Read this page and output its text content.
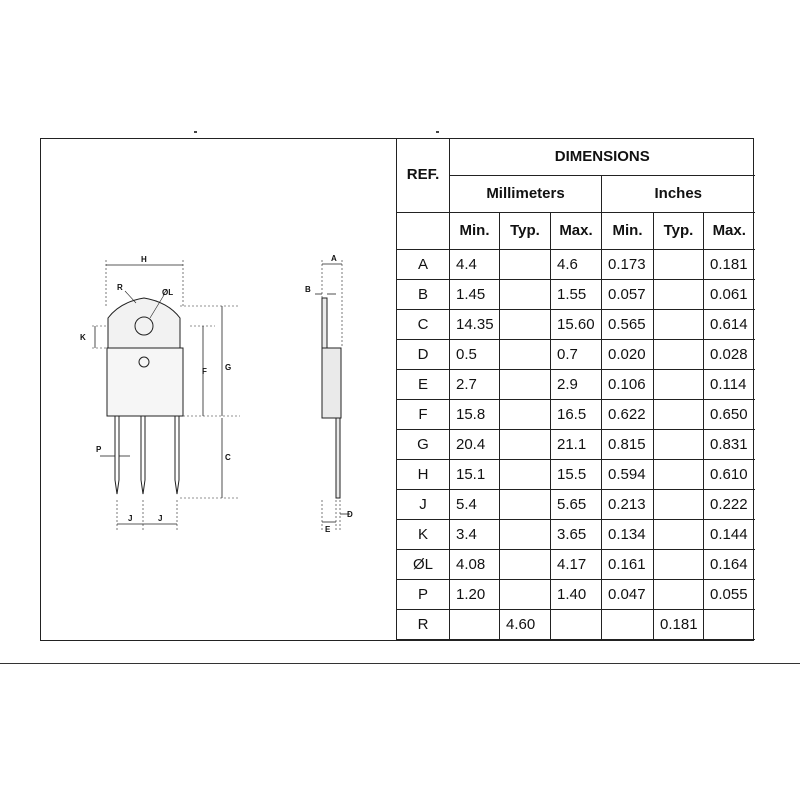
H
R
ØL
K
F G
C
P
J	J
A
B
D
E
REF.	DIMENSIONS					
	Millimeters			Inches		
	Min.	Typ.	Max.	Min.	Typ.	Max.
A	4.4		4.6	0.173		0.181
B	1.45		1.55	0.057		0.061
C	14.35		15.60	0.565		0.614
D	0.5		0.7	0.020		0.028
E	2.7		2.9	0.106		0.114
F	15.8		16.5	0.622		0.650
G	20.4		21.1	0.815		0.831
H	15.1		15.5	0.594		0.610
J	5.4		5.65	0.213		0.222
K	3.4		3.65	0.134		0.144
ØL	4.08		4.17	0.161		0.164
P	1.20		1.40	0.047		0.055
R		4.60			0.181	
